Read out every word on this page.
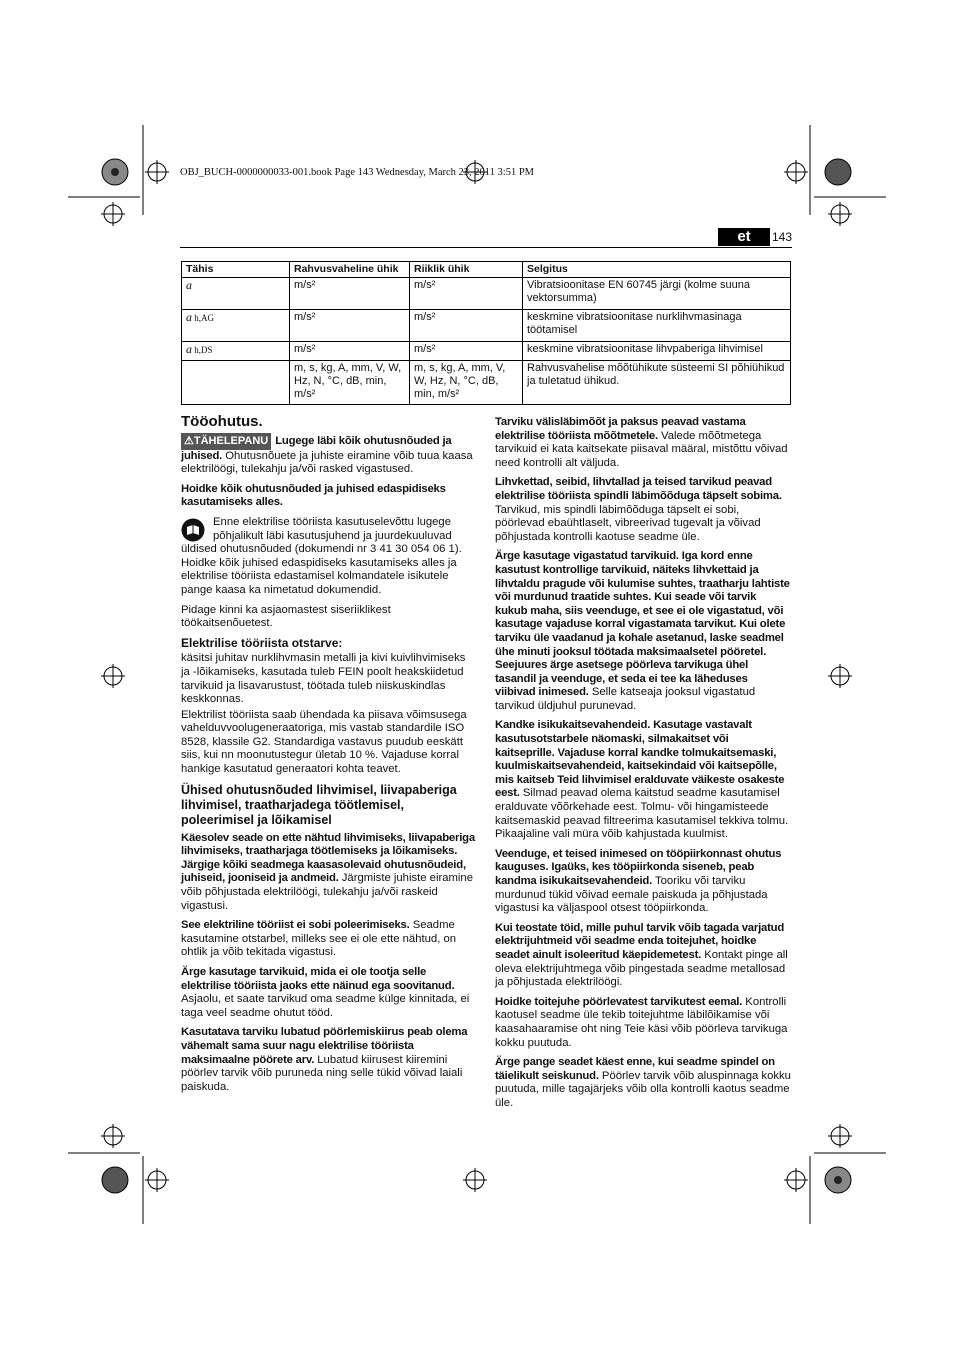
OBJ_BUCH-0000000033-001.book Page 143 Wednesday, March 23, 2011 3:51 PM
et	143
Tähis	Rahvusvaheline ühik	Riiklik ühik	Selgitus
a	m/s²	m/s²	Vibratsioonitase EN 60745 järgi (kolme suuna vektorsumma)
a h,AG	m/s²	m/s²	keskmine vibratsioonitase nurklihvmasinaga töötamisel
a h,DS	m/s²	m/s²	keskmine vibratsioonitase lihvpaberiga lihvimisel
	m, s, kg, A, mm, V, W, Hz, N, °C, dB, min, m/s²	m, s, kg, A, mm, V, W, Hz, N, °C, dB, min, m/s²	Rahvusvahelise mõõtühikute süsteemi SI põhiühikud ja tuletatud ühikud.
Tööohutus.

⚠TÄHELEPANU Lugege läbi kõik ohutusnõuded ja juhised. Ohutusnõuete ja juhiste eiramine võib tuua kaasa elektrilöögi, tulekahju ja/või rasked vigastused.

Hoidke kõik ohutusnõuded ja juhised edaspidiseks kasutamiseks alles.

Enne elektrilise tööriista kasutuselevõttu lugege põhjalikult läbi kasutusjuhend ja juurdekuuluvad üldised ohutusnõuded (dokumendi nr 3 41 30 054 06 1). Hoidke kõik juhised edaspidiseks kasutamiseks alles ja elektrilise tööriista edastamisel kolmandatele isikutele pange kaasa ka nimetatud dokumendid.

Pidage kinni ka asjaomastest siseriiklikest töökaitsenõuetest.

Elektrilise tööriista otstarve:

käsitsi juhitav nurklihvmasin metalli ja kivi kuivlihvimiseks ja -lõikamiseks, kasutada tuleb FEIN poolt heakskiidetud tarvikuid ja lisavarustust, töötada tuleb niiskuskindlas keskkonnas.

Elektrilist tööriista saab ühendada ka piisava võimsusega vahelduvvoolugeneraatoriga, mis vastab standardile ISO 8528, klassile G2. Standardiga vastavus puudub eeskätt siis, kui nn moonutustegur ületab 10 %. Vajaduse korral hankige kasutatud generaatori kohta teavet.

Ühised ohutusnõuded lihvimisel, liivapaberiga lihvimisel, traatharjadega töötlemisel, poleerimisel ja lõikamisel

Käesolev seade on ette nähtud lihvimiseks, liivapaberiga lihvimiseks, traatharjaga töötlemiseks ja lõikamiseks. Järgige kõiki seadmega kaasasolevaid ohutusnõudeid, juhiseid, jooniseid ja andmeid. Järgmiste juhiste eiramine võib põhjustada elektrilöögi, tulekahju ja/või raskeid vigastusi.

See elektriline tööriist ei sobi poleerimiseks. Seadme kasutamine otstarbel, milleks see ei ole ette nähtud, on ohtlik ja võib tekitada vigastusi.

Ärge kasutage tarvikuid, mida ei ole tootja selle elektrilise tööriista jaoks ette näinud ega soovitanud. Asjaolu, et saate tarvikud oma seadme külge kinnitada, ei taga veel seadme ohutut tööd.

Kasutatava tarviku lubatud pöörlemiskiirus peab olema vähemalt sama suur nagu elektrilise tööriista maksimaalne pöörete arv. Lubatud kiirusest kiiremini pöörlev tarvik võib puruneda ning selle tükid võivad laiali paiskuda.

Tarviku välisläbimõõt ja paksus peavad vastama elektrilise tööriista mõõtmetele. Valede mõõtmetega tarvikuid ei kata kaitsekate piisaval määral, mistõttu võivad need kontrolli alt väljuda.

Lihvkettad, seibid, lihvtallad ja teised tarvikud peavad elektrilise tööriista spindli läbimõõduga täpselt sobima. Tarvikud, mis spindli läbimõõduga täpselt ei sobi, pöörlevad ebaühtlaselt, vibreerivad tugevalt ja võivad põhjustada kontrolli kaotuse seadme üle.

Ärge kasutage vigastatud tarvikuid. Iga kord enne kasutust kontrollige tarvikuid, näiteks lihvkettaid ja lihvtaldu pragude või kulumise suhtes, traatharju lahtiste või murdunud traatide suhtes. Kui seade või tarvik kukub maha, siis veenduge, et see ei ole vigastatud, või kasutage vajaduse korral vigastamata tarvikut. Kui olete tarviku üle vaadanud ja kohale asetanud, laske seadmel ühe minuti jooksul töötada maksimaalsetel pööretel. Seejuures ärge asetsege pöörleva tarvikuga ühel tasandil ja veenduge, et seda ei tee ka läheduses viibivad inimesed. Selle katseaja jooksul vigastatud tarvikud üldjuhul purunevad.

Kandke isikukaitsevahendeid. Kasutage vastavalt kasutusotstarbele näomaski, silmakaitset või kaitseprille. Vajaduse korral kandke tolmukaitsemaski, kuulmiskaitsevahendeid, kaitsekindaid või kaitsepõlle, mis kaitseb Teid lihvimisel eralduvate väikeste osakeste eest. Silmad peavad olema kaitstud seadme kasutamisel eralduvate võõrkehade eest. Tolmu- või hingamisteede kaitsemaskid peavad filtreerima kasutamisel tekkiva tolmu. Pikaajaline vali müra võib kahjustada kuulmist.

Veenduge, et teised inimesed on tööpiirkonnast ohutus kauguses. Igaüks, kes tööpiirkonda siseneb, peab kandma isikukaitsevahendeid. Tooriku või tarviku murdunud tükid võivad eemale paiskuda ja põhjustada vigastusi ka väljaspool otsest tööpiirkonda.

Kui teostate töid, mille puhul tarvik võib tagada varjatud elektrijuhtmeid või seadme enda toitejuhet, hoidke seadet ainult isoleeritud käepidemetest. Kontakt pinge all oleva elektrijuhtmega võib pingestada seadme metallosad ja põhjustada elektrilöögi.

Hoidke toitejuhe pöörlevatest tarvikutest eemal. Kontrolli kaotusel seadme üle tekib toitejuhtme läbilõikamise või kaasahaaramise oht ning Teie käsi võib pöörleva tarvikuga kokku puutuda.

Ärge pange seadet käest enne, kui seadme spindel on täielikult seiskunud. Pöörlev tarvik võib aluspinnaga kokku puutuda, mille tagajärjeks võib olla kontrolli kaotus seadme üle.
